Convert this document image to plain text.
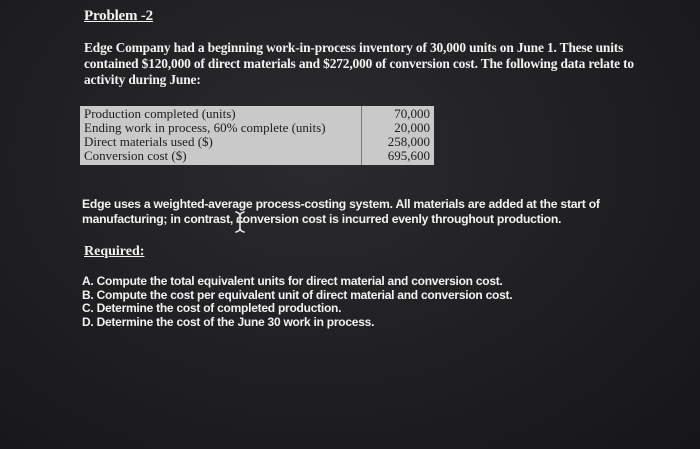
Problem -2
Edge Company had a beginning work-in-process inventory of 30,000 units on June 1. These units contained $120,000 of direct materials and $272,000 of conversion cost. The following data relate to activity during June:
Production completed (units)	70,000
Ending work in process, 60% complete (units)	20,000
Direct materials used ($)	258,000
Conversion cost ($)	695,600
Edge uses a weighted-average process-costing system. All materials are added at the start of manufacturing; in contrast, conversion cost is incurred evenly throughout production.
Required:
A. Compute the total equivalent units for direct material and conversion cost.
B. Compute the cost per equivalent unit of direct material and conversion cost.
C. Determine the cost of completed production.
D. Determine the cost of the June 30 work in process.
